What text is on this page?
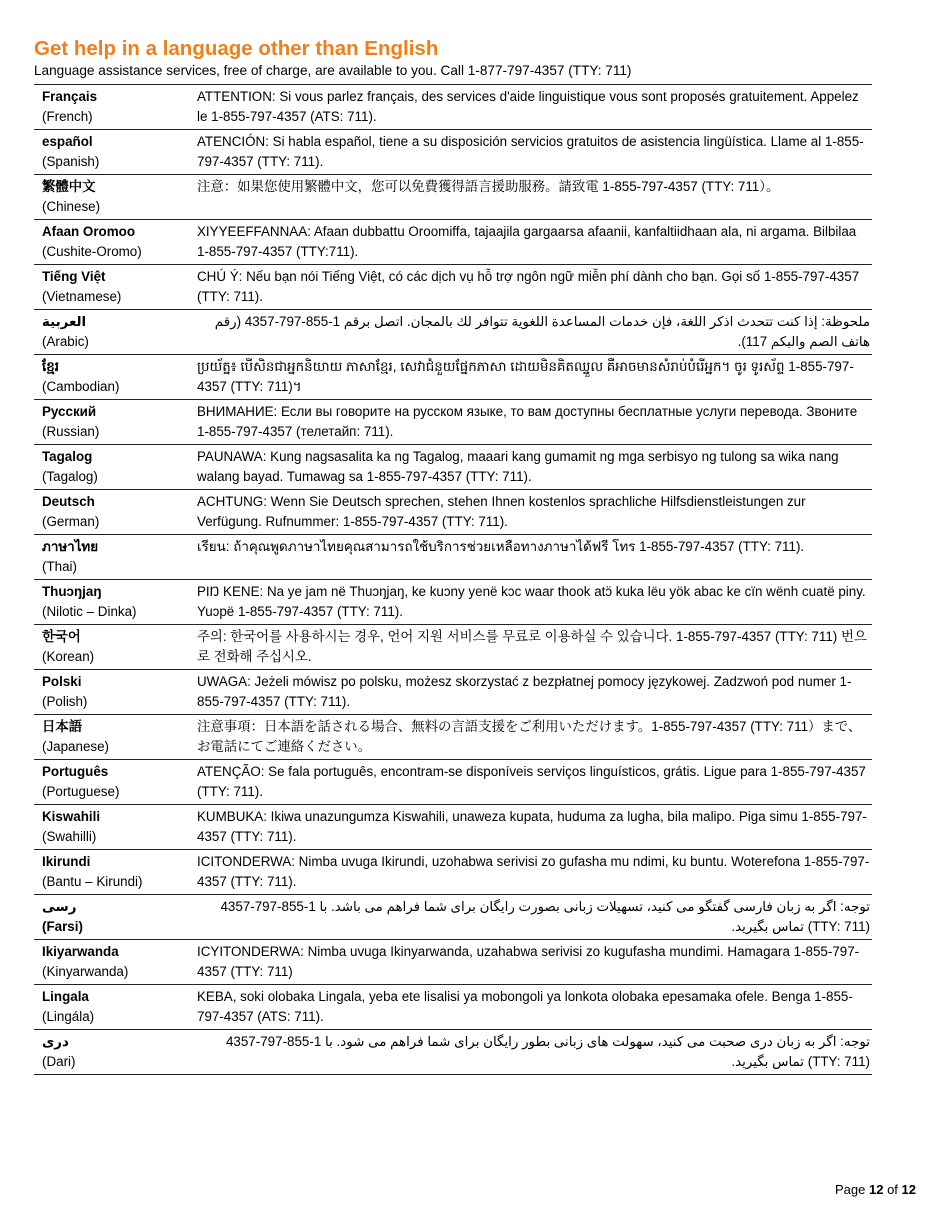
Get help in a language other than English

Language assistance services, free of charge, are available to you. Call 1-877-797-4357 (TTY: 711)

Français
(French)	ATTENTION: Si vous parlez français, des services d'aide linguistique vous sont proposés gratuitement. Appelez le 1-855-797-4357 (ATS: 711).

español
(Spanish)	ATENCIÓN: Si habla español, tiene a su disposición servicios gratuitos de asistencia lingüística. Llame al 1-855-797-4357 (TTY: 711).

繁體中文
(Chinese)	注意：如果您使用繁體中文，您可以免費獲得語言援助服務。請致電 1-855-797-4357 (TTY: 711）。

Afaan Oromoo
(Cushite-Oromo)	XIYYEEFFANNAA: Afaan dubbattu Oroomiffa, tajaajila gargaarsa afaanii, kanfaltiidhaan ala, ni argama. Bilbilaa 1-855-797-4357 (TTY:711).

Tiếng Việt
(Vietnamese)	CHÚ Ý: Nếu bạn nói Tiếng Việt, có các dịch vụ hỗ trợ ngôn ngữ miễn phí dành cho bạn. Gọi số 1-855-797-4357 (TTY: 711).

العربية
(Arabic)	ملحوظة: إذا كنت تتحدث اذكر اللغة، فإن خدمات المساعدة اللغوية تتوافر لك بالمجان. اتصل برقم 1-855-797-4357 (رقم هاتف الصم والبكم 117).

ខ្មែរ
(Cambodian)	ប្រយ័ត្ន៖ បើសិនជាអ្នកនិយាយ ភាសាខ្មែរ, សេវាជំនួយផ្នែកភាសា ដោយមិនគិតឈ្នួល គឺអាចមានសំរាប់បំរើអ្នក។ ចូរ ទូរស័ព្ទ 1-855-797-4357 (TTY: 711)។

Русский
(Russian)	ВНИМАНИЕ: Если вы говорите на русском языке, то вам доступны бесплатные услуги перевода. Звоните 1-855-797-4357 (телетайп: 711).

Tagalog
(Tagalog)	PAUNAWA: Kung nagsasalita ka ng Tagalog, maaari kang gumamit ng mga serbisyo ng tulong sa wika nang walang bayad. Tumawag sa 1-855-797-4357 (TTY: 711).

Deutsch
(German)	ACHTUNG: Wenn Sie Deutsch sprechen, stehen Ihnen kostenlos sprachliche Hilfsdienstleistungen zur Verfügung. Rufnummer: 1-855-797-4357 (TTY: 711).

ภาษาไทย
(Thai)	เรียน: ถ้าคุณพูดภาษาไทยคุณสามารถใช้บริการช่วยเหลือทางภาษาได้ฟรี โทร 1-855-797-4357 (TTY: 711).

Thuɔŋjaŋ
(Nilotic – Dinka)	PIŊ KENE: Na ye jam në Thuɔŋjaŋ, ke kuɔny yenë kɔc waar thook atɔ̈ kuka lëu yök abac ke cïn wënh cuatë piny. Yuɔpë 1-855-797-4357 (TTY: 711).

한국어
(Korean)	주의: 한국어를 사용하시는 경우, 언어 지원 서비스를 무료로 이용하실 수 있습니다. 1-855-797-4357 (TTY: 711) 번으로 전화해 주십시오.

Polski
(Polish)	UWAGA: Jeżeli mówisz po polsku, możesz skorzystać z bezpłatnej pomocy językowej. Zadzwoń pod numer 1-855-797-4357 (TTY: 711).

日本語
(Japanese)	注意事項：日本語を話される場合、無料の言語支援をご利用いただけます。1-855-797-4357 (TTY: 711）まで、お電話にてご連絡ください。

Português
(Portuguese)	ATENÇÃO: Se fala português, encontram-se disponíveis serviços linguísticos, grátis. Ligue para 1-855-797-4357 (TTY: 711).

Kiswahili
(Swahilli)	KUMBUKA: Ikiwa unazungumza Kiswahili, unaweza kupata, huduma za lugha, bila malipo. Piga simu 1-855-797-4357 (TTY: 711).

Ikirundi
(Bantu – Kirundi)	ICITONDERWA: Nimba uvuga Ikirundi, uzohabwa serivisi zo gufasha mu ndimi, ku buntu. Woterefona 1-855-797-4357 (TTY: 711).

رسی
(Farsi)	توجه: اگر به زبان فارسی گفتگو می کنید، تسهیلات زبانی بصورت رایگان برای شما فراهم می باشد. با 1-855-797-4357 (TTY: 711) تماس بگیرید.

Ikiyarwanda
(Kinyarwanda)	ICYITONDERWA: Nimba uvuga Ikinyarwanda, uzahabwa serivisi zo kugufasha mundimi. Hamagara 1-855-797-4357 (TTY: 711)

Lingala
(Lingála)	KEBA, soki olobaka Lingala, yeba ete lisalisi ya mobongoli ya lonkota olobaka epesamaka ofele. Benga 1-855-797-4357 (ATS: 711).

دری
(Dari)	توجه: اگر به زبان دری صحبت می کنید، سهولت های زبانی بطور رایگان برای شما فراهم می شود. با 1-855-797-4357 (TTY: 711) تماس بگیرید.
Page 12 of 12
